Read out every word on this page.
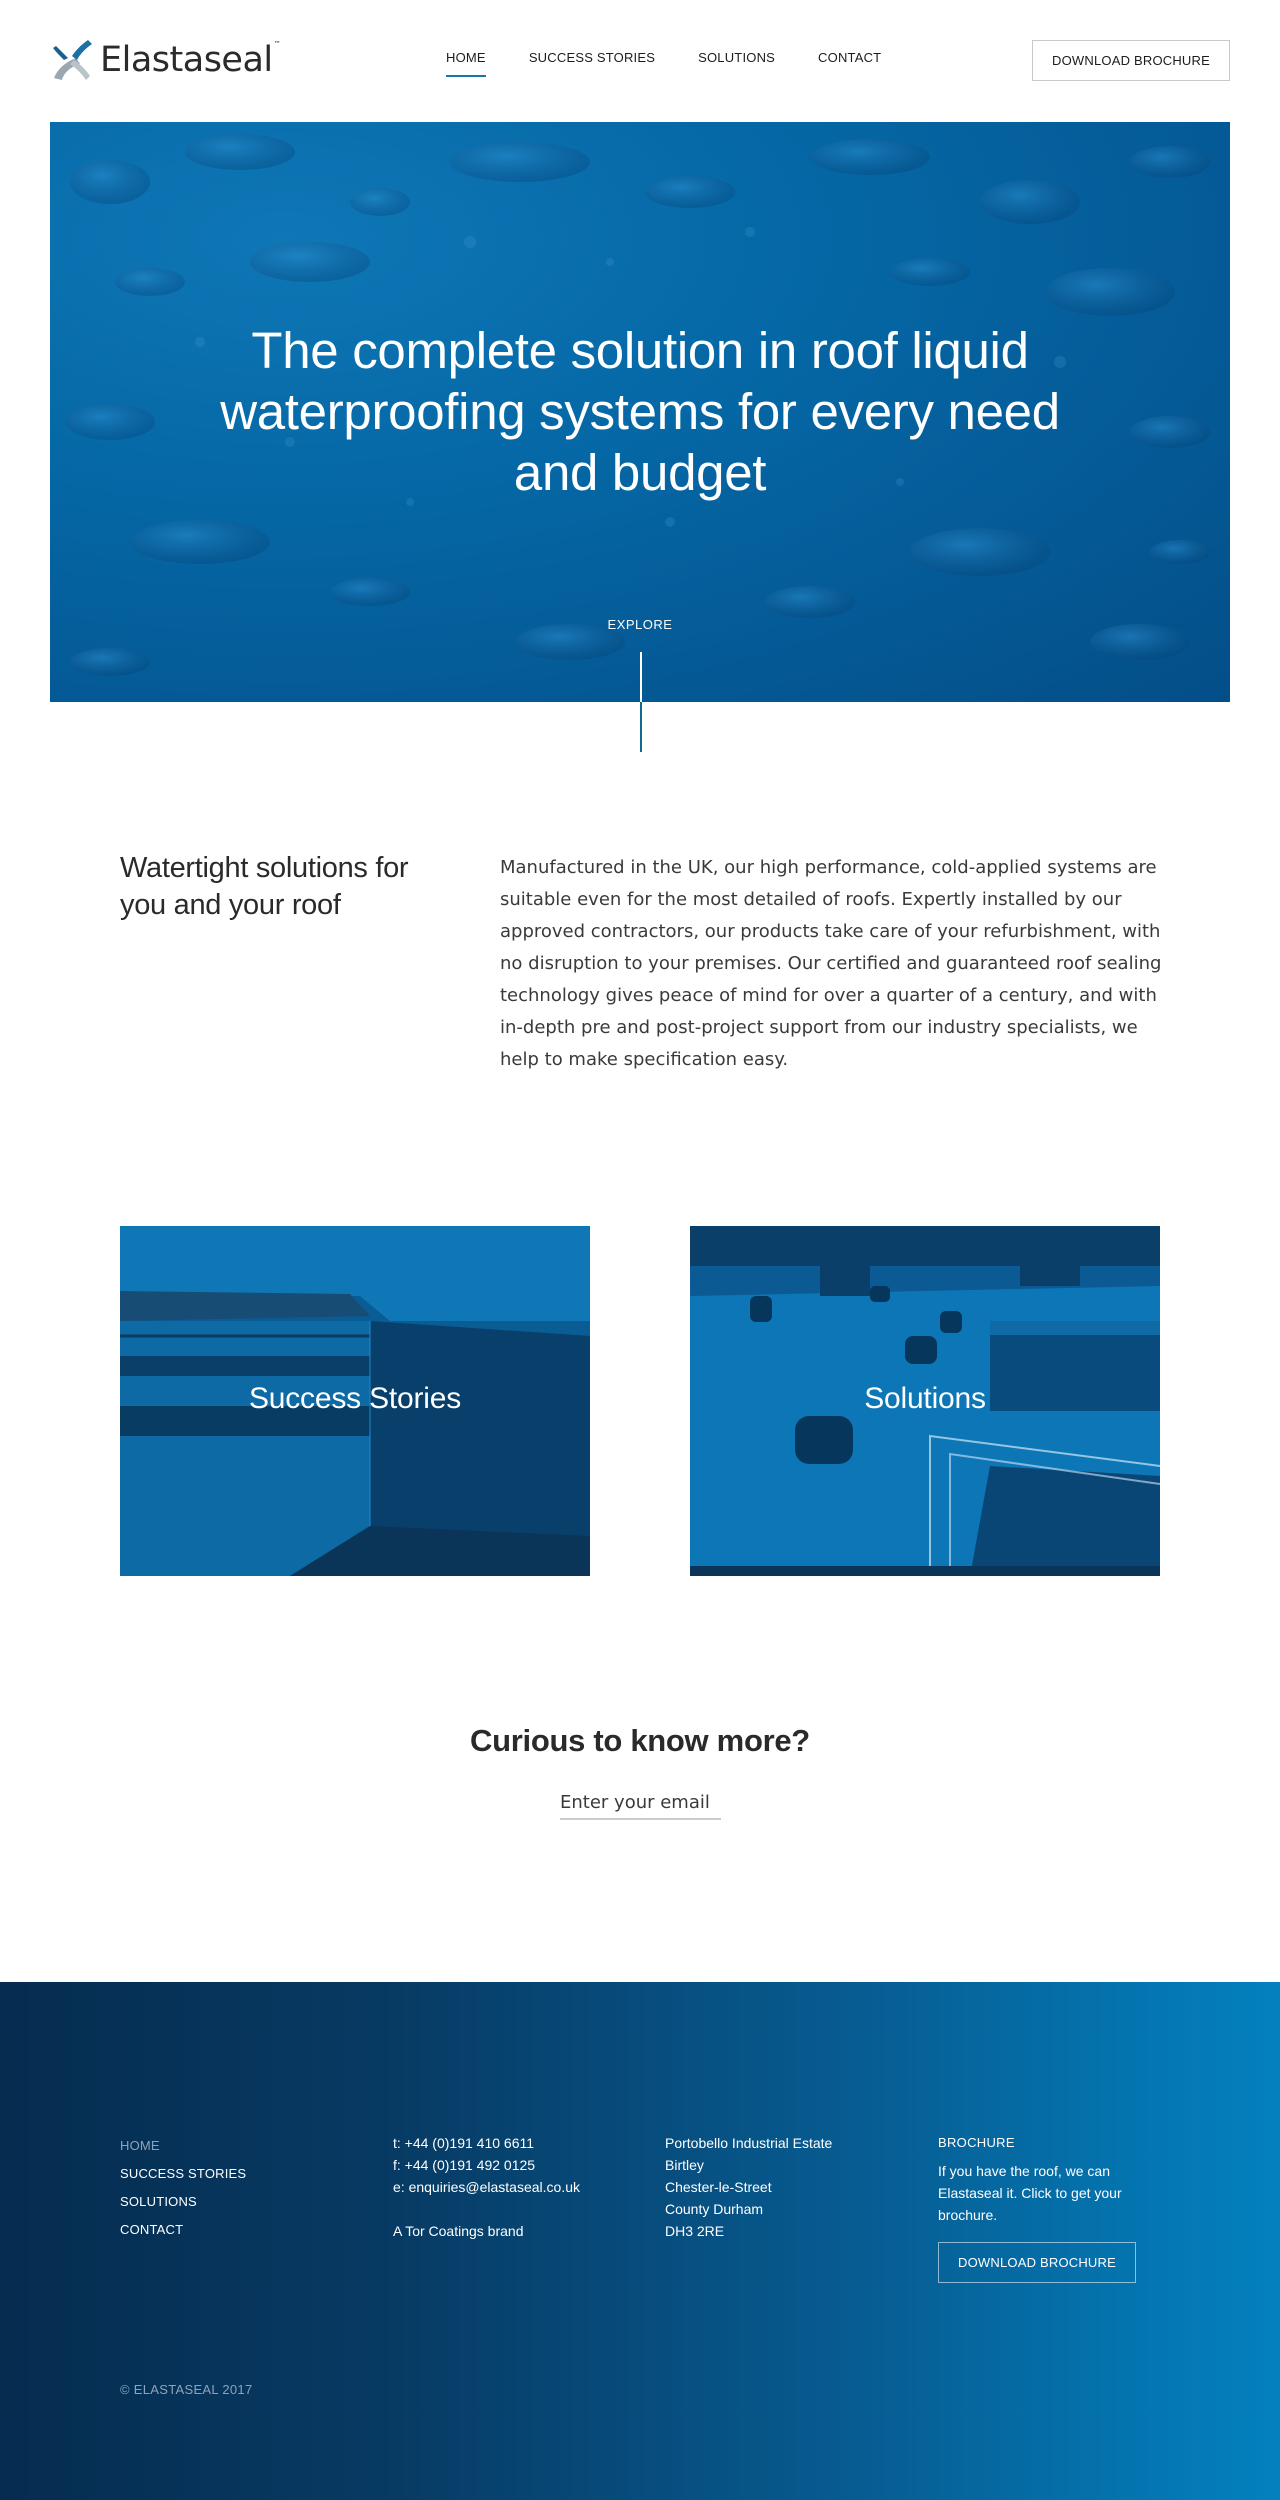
Elastaseal™
HOME	SUCCESS STORIES	SOLUTIONS	CONTACT	DOWNLOAD BROCHURE
The complete solution in roof liquid waterproofing systems for every need and budget
EXPLORE
Watertight solutions for you and your roof

Manufactured in the UK, our high performance, cold-applied systems are suitable even for the most detailed of roofs. Expertly installed by our approved contractors, our products take care of your refurbishment, with no disruption to your premises. Our certified and guaranteed roof sealing technology gives peace of mind for over a quarter of a century, and with in-depth pre and post-project support from our industry specialists, we help to make specification easy.

Success Stories	Solutions
Curious to know more?
Enter your email
HOME
SUCCESS STORIES
SOLUTIONS
CONTACT
t: +44 (0)191 410 6611
f: +44 (0)191 492 0125
e: enquiries@elastaseal.co.uk
A Tor Coatings brand
Portobello Industrial Estate
Birtley
Chester-le-Street
County Durham
DH3 2RE
BROCHURE
If you have the roof, we can Elastaseal it. Click to get your brochure.
DOWNLOAD BROCHURE
© ELASTASEAL 2017
